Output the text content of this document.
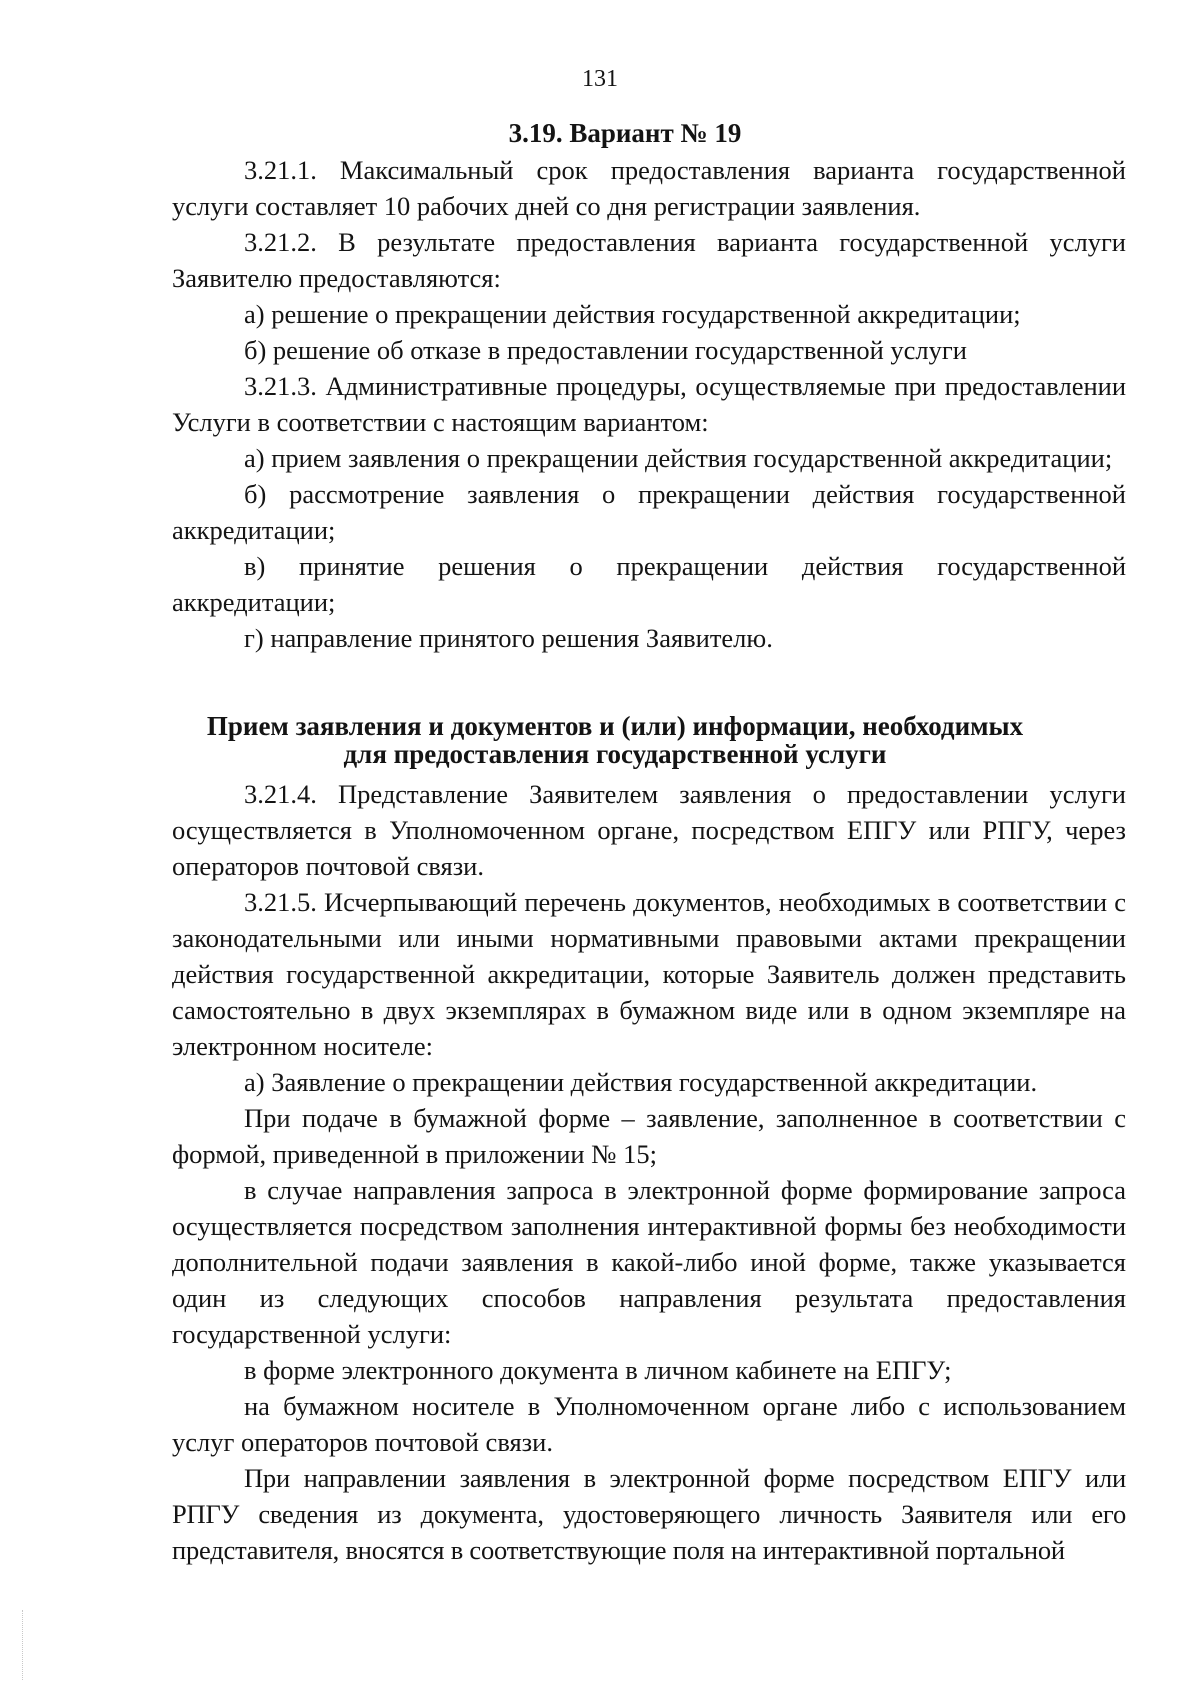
131
3.19. Вариант № 19

3.21.1. Максимальный срок предоставления варианта государственной услуги составляет 10 рабочих дней со дня регистрации заявления.

3.21.2. В результате предоставления варианта государственной услуги Заявителю предоставляются:

а) решение о прекращении действия государственной аккредитации;

б) решение об отказе в предоставлении государственной услуги

3.21.3. Административные процедуры, осуществляемые при предоставлении Услуги в соответствии с настоящим вариантом:

а) прием заявления о прекращении действия государственной аккредитации;

б) рассмотрение заявления о прекращении действия государственной аккредитации;

в) принятие решения о прекращении действия государственной аккредитации;

г) направление принятого решения Заявителю.

Прием заявления и документов и (или) информации, необходимых
для предоставления государственной услуги

3.21.4. Представление Заявителем заявления о предоставлении услуги осуществляется в Уполномоченном органе, посредством ЕПГУ или РПГУ, через операторов почтовой связи.

3.21.5. Исчерпывающий перечень документов, необходимых в соответствии с законодательными или иными нормативными правовыми актами прекращении действия государственной аккредитации, которые Заявитель должен представить самостоятельно в двух экземплярах в бумажном виде или в одном экземпляре на электронном носителе:

а) Заявление о прекращении действия государственной аккредитации.

При подаче в бумажной форме – заявление, заполненное в соответствии с формой, приведенной в приложении № 15;

в случае направления запроса в электронной форме формирование запроса осуществляется посредством заполнения интерактивной формы без необходимости дополнительной подачи заявления в какой-либо иной форме, также указывается один из следующих способов направления результата предоставления государственной услуги:

в форме электронного документа в личном кабинете на ЕПГУ;

на бумажном носителе в Уполномоченном органе либо с использованием услуг операторов почтовой связи.

При направлении заявления в электронной форме посредством ЕПГУ или РПГУ сведения из документа, удостоверяющего личность Заявителя или его представителя, вносятся в соответствующие поля на интерактивной портальной
